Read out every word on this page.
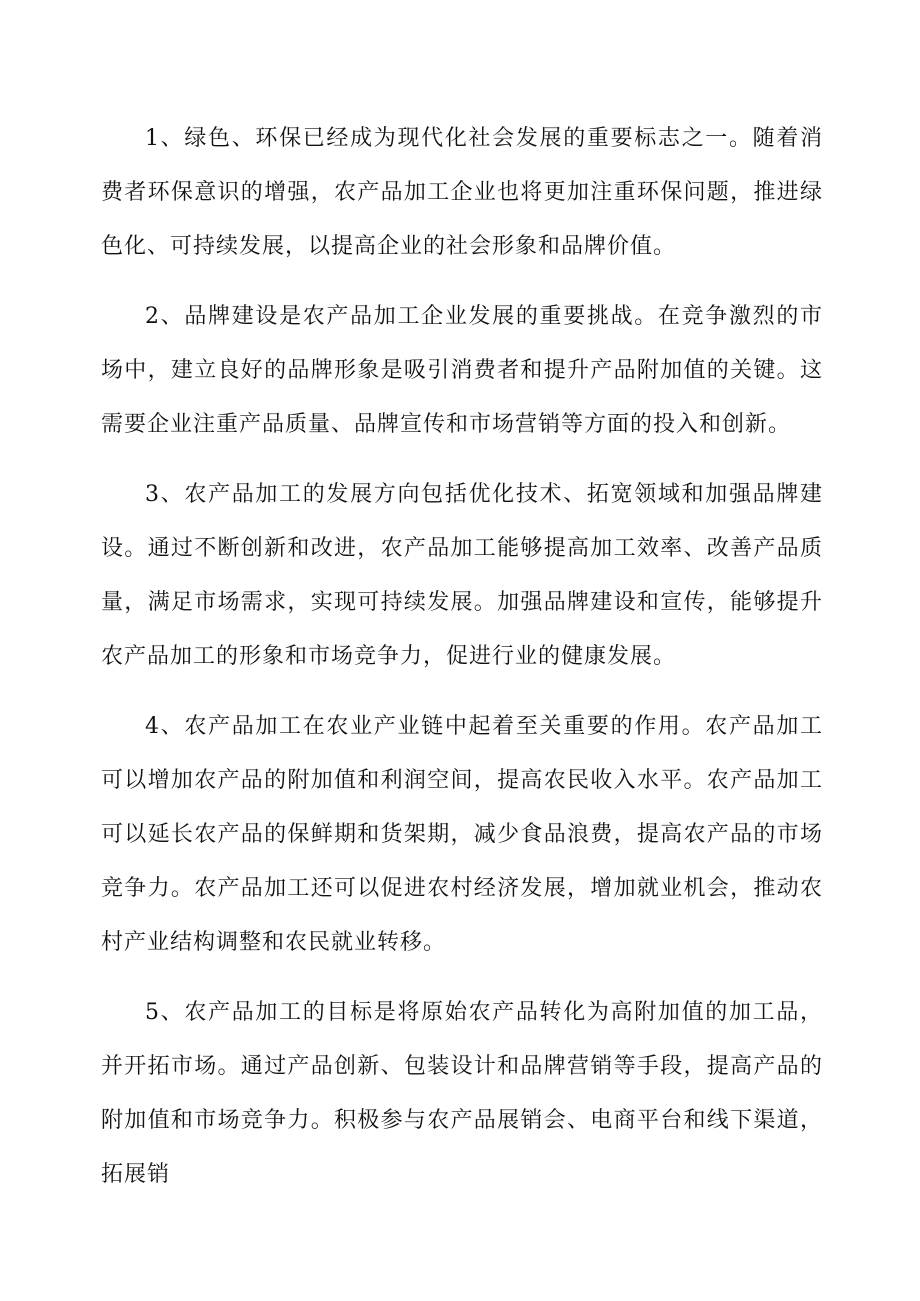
1、绿色、环保已经成为现代化社会发展的重要标志之一。随着消费者环保意识的增强，农产品加工企业也将更加注重环保问题，推进绿色化、可持续发展，以提高企业的社会形象和品牌价值。

2、品牌建设是农产品加工企业发展的重要挑战。在竞争激烈的市场中，建立良好的品牌形象是吸引消费者和提升产品附加值的关键。这需要企业注重产品质量、品牌宣传和市场营销等方面的投入和创新。

3、农产品加工的发展方向包括优化技术、拓宽领域和加强品牌建设。通过不断创新和改进，农产品加工能够提高加工效率、改善产品质量，满足市场需求，实现可持续发展。加强品牌建设和宣传，能够提升农产品加工的形象和市场竞争力，促进行业的健康发展。

4、农产品加工在农业产业链中起着至关重要的作用。农产品加工可以增加农产品的附加值和利润空间，提高农民收入水平。农产品加工可以延长农产品的保鲜期和货架期，减少食品浪费，提高农产品的市场竞争力。农产品加工还可以促进农村经济发展，增加就业机会，推动农村产业结构调整和农民就业转移。

5、农产品加工的目标是将原始农产品转化为高附加值的加工品，并开拓市场。通过产品创新、包装设计和品牌营销等手段，提高产品的附加值和市场竞争力。积极参与农产品展销会、电商平台和线下渠道，拓展销
